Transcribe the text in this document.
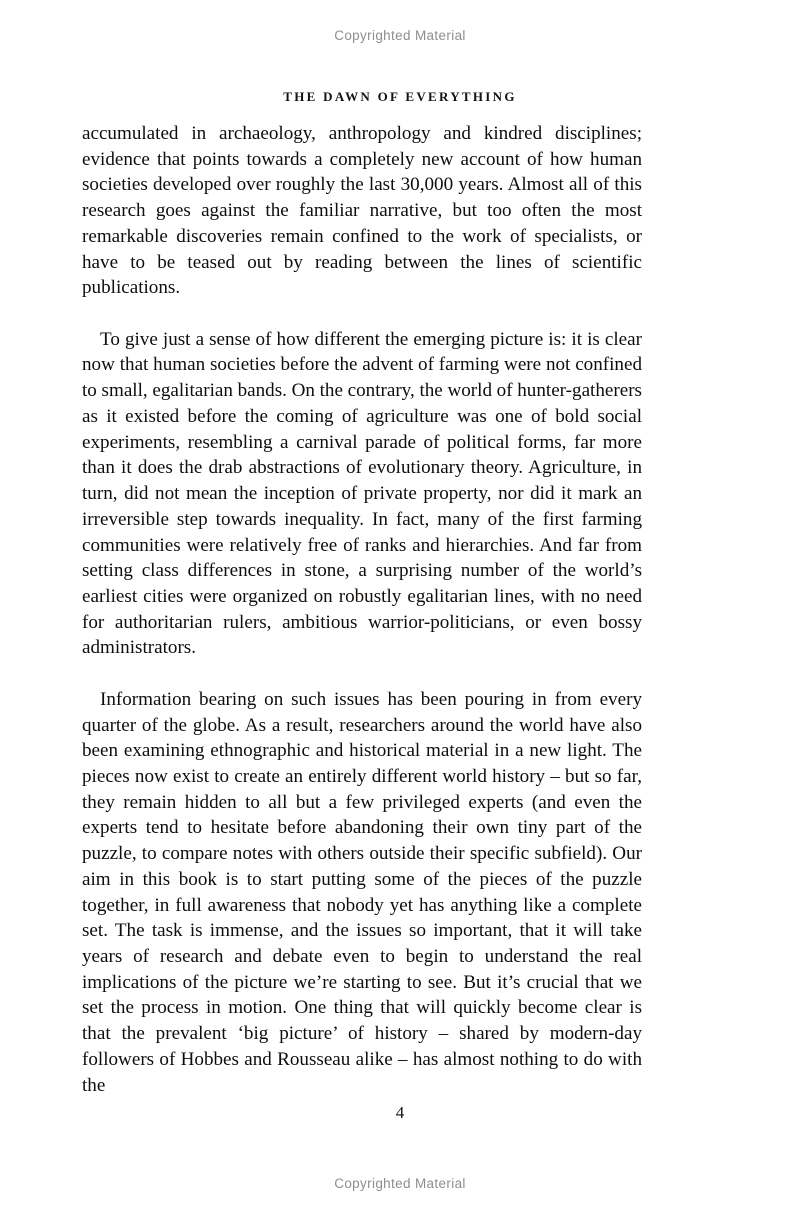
Copyrighted Material
THE DAWN OF EVERYTHING

accumulated in archaeology, anthropology and kindred disciplines; evidence that points towards a completely new account of how human societies developed over roughly the last 30,000 years. Almost all of this research goes against the familiar narrative, but too often the most remarkable discoveries remain confined to the work of specialists, or have to be teased out by reading between the lines of scientific publications.

To give just a sense of how different the emerging picture is: it is clear now that human societies before the advent of farming were not confined to small, egalitarian bands. On the contrary, the world of hunter-gatherers as it existed before the coming of agriculture was one of bold social experiments, resembling a carnival parade of political forms, far more than it does the drab abstractions of evolutionary theory. Agriculture, in turn, did not mean the inception of private property, nor did it mark an irreversible step towards inequality. In fact, many of the first farming communities were relatively free of ranks and hierarchies. And far from setting class differences in stone, a surprising number of the world’s earliest cities were organized on robustly egalitarian lines, with no need for authoritarian rulers, ambitious warrior-politicians, or even bossy administrators.

Information bearing on such issues has been pouring in from every quarter of the globe. As a result, researchers around the world have also been examining ethnographic and historical material in a new light. The pieces now exist to create an entirely different world history – but so far, they remain hidden to all but a few privileged experts (and even the experts tend to hesitate before abandoning their own tiny part of the puzzle, to compare notes with others outside their specific subfield). Our aim in this book is to start putting some of the pieces of the puzzle together, in full awareness that nobody yet has anything like a complete set. The task is immense, and the issues so important, that it will take years of research and debate even to begin to understand the real implications of the picture we’re starting to see. But it’s crucial that we set the process in motion. One thing that will quickly become clear is that the prevalent ‘big picture’ of history – shared by modern-day followers of Hobbes and Rousseau alike – has almost nothing to do with the

4
Copyrighted Material
